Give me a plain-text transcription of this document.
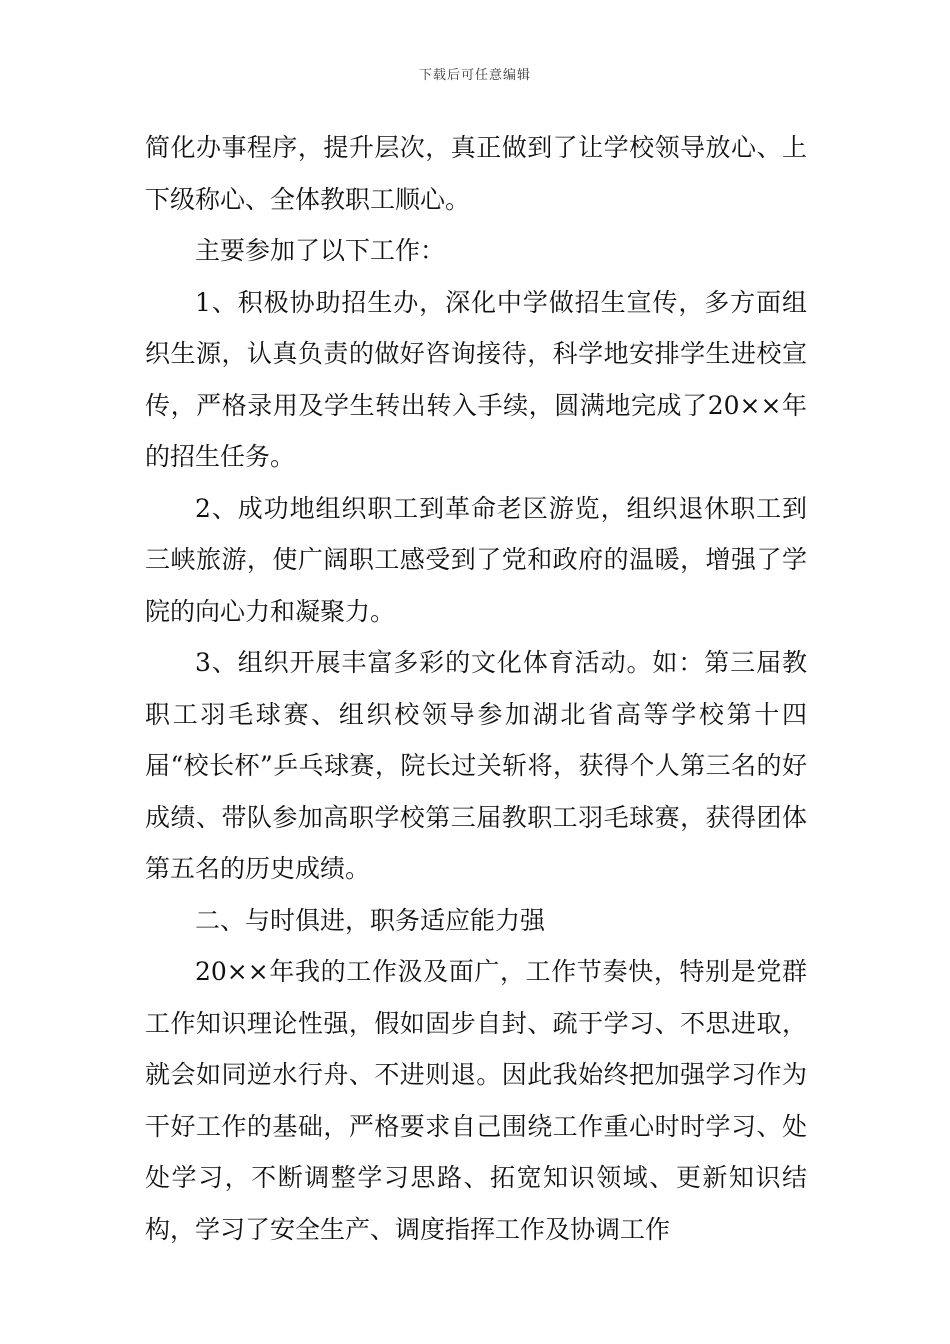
下载后可任意编辑

简化办事程序，提升层次，真正做到了让学校领导放心、上下级称心、全体教职工顺心。

主要参加了以下工作：

1、积极协助招生办，深化中学做招生宣传，多方面组织生源，认真负责的做好咨询接待，科学地安排学生进校宣传，严格录用及学生转出转入手续，圆满地完成了20××年的招生任务。

2、成功地组织职工到革命老区游览，组织退休职工到三峡旅游，使广阔职工感受到了党和政府的温暖，增强了学院的向心力和凝聚力。

3、组织开展丰富多彩的文化体育活动。如：第三届教职工羽毛球赛、组织校领导参加湖北省高等学校第十四届“校长杯”乒乓球赛，院长过关斩将，获得个人第三名的好成绩、带队参加高职学校第三届教职工羽毛球赛，获得团体第五名的历史成绩。

二、与时俱进，职务适应能力强

20××年我的工作汲及面广，工作节奏快，特别是党群工作知识理论性强，假如固步自封、疏于学习、不思进取，就会如同逆水行舟、不进则退。因此我始终把加强学习作为干好工作的基础，严格要求自己围绕工作重心时时学习、处处学习，不断调整学习思路、拓宽知识领域、更新知识结构，学习了安全生产、调度指挥工作及协调工作
